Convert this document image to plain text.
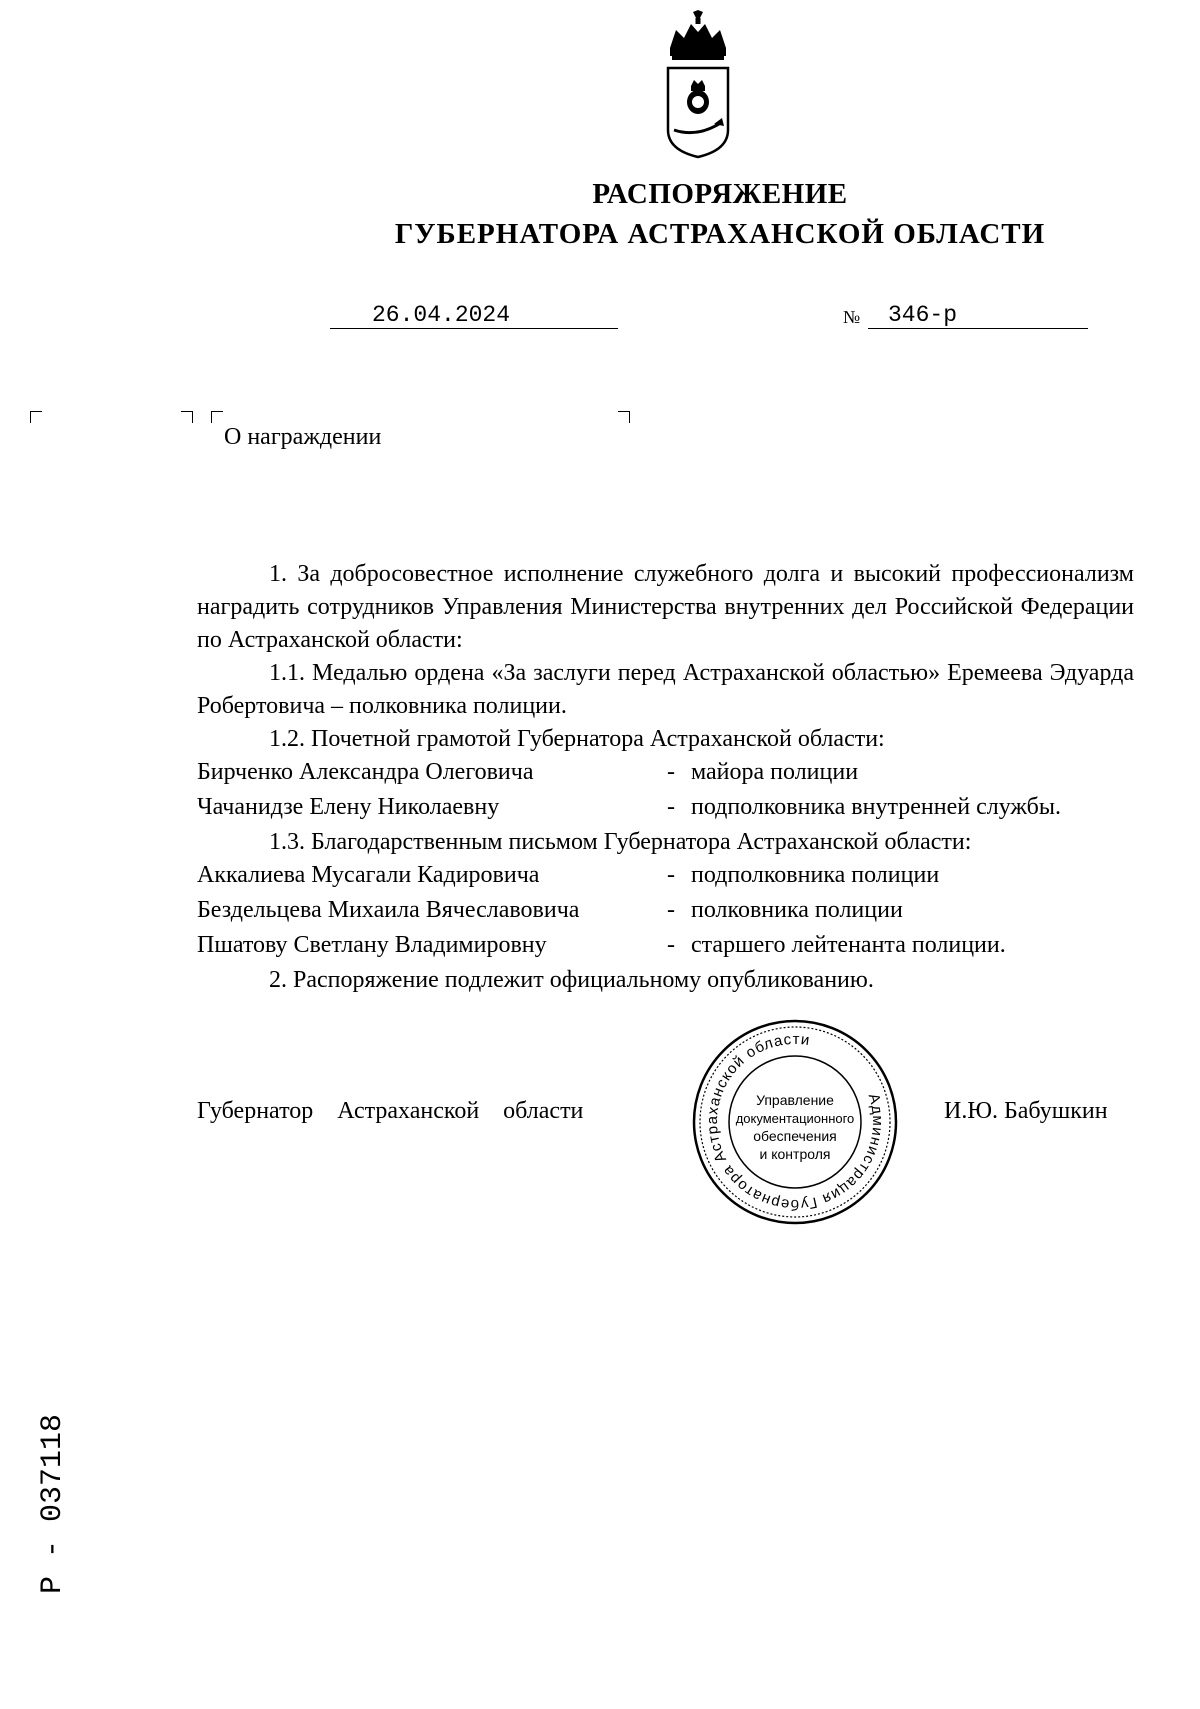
РАСПОРЯЖЕНИЕ
ГУБЕРНАТОРА АСТРАХАНСКОЙ ОБЛАСТИ
26.04.2024	№ 346-р
О награждении

1. За добросовестное исполнение служебного долга и высокий профессионализм наградить сотрудников Управления Министерства внутренних дел Российской Федерации по Астраханской области:

1.1. Медалью ордена «За заслуги перед Астраханской областью» Еремеева Эдуарда Робертовича – полковника полиции.

1.2. Почетной грамотой Губернатора Астраханской области:

Бирченко Александра Олеговича	- майора полиции
Чачанидзе Елену Николаевну	- подполковника внутренней службы.

1.3. Благодарственным письмом Губернатора Астраханской области:

Аккалиева Мусагали Кадировича	- подполковника полиции
Бездельцева Михаила Вячеславовича	- полковника полиции
Пшатову Светлану Владимировну	- старшего лейтенанта полиции.

2. Распоряжение подлежит официальному опубликованию.

Губернатор Астраханской области	И.Ю. Бабушкин
Администрация Губернатора Астраханской области
Управление
документационного
обеспечения
и контроля
Р - 037118
